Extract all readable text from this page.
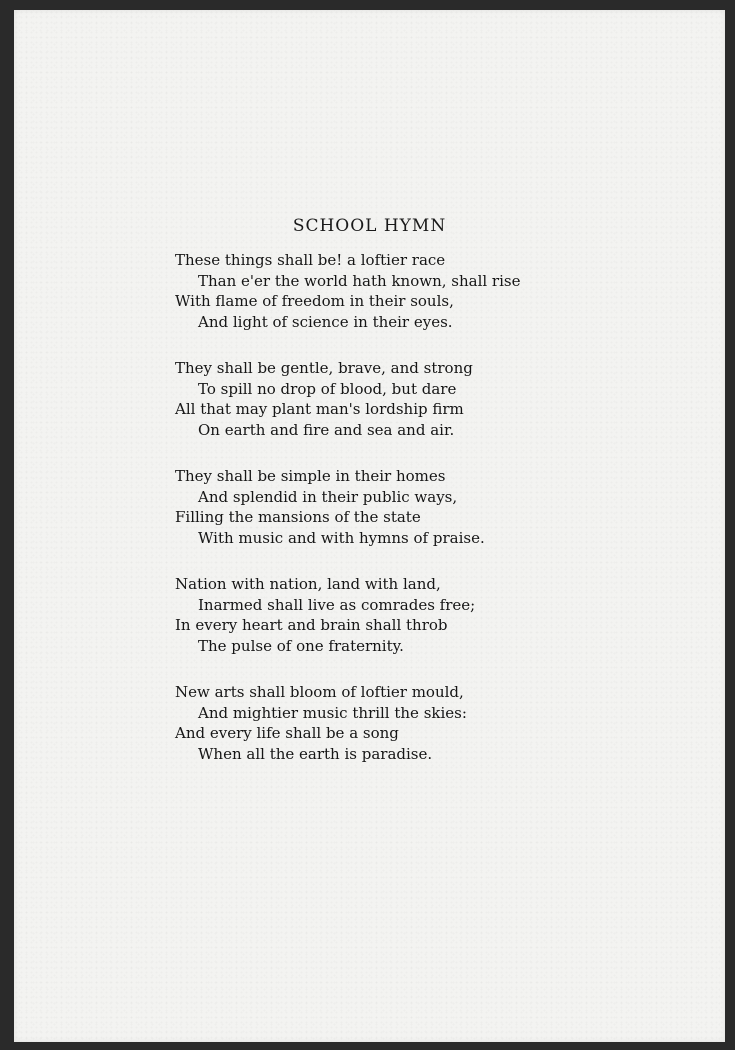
SCHOOL HYMN
These things shall be! a loftier race
Than e'er the world hath known, shall rise
With flame of freedom in their souls,
And light of science in their eyes.
They shall be gentle, brave, and strong
To spill no drop of blood, but dare
All that may plant man's lordship firm
On earth and fire and sea and air.
They shall be simple in their homes
And splendid in their public ways,
Filling the mansions of the state
With music and with hymns of praise.
Nation with nation, land with land,
Inarmed shall live as comrades free;
In every heart and brain shall throb
The pulse of one fraternity.
New arts shall bloom of loftier mould,
And mightier music thrill the skies:
And every life shall be a song
When all the earth is paradise.
